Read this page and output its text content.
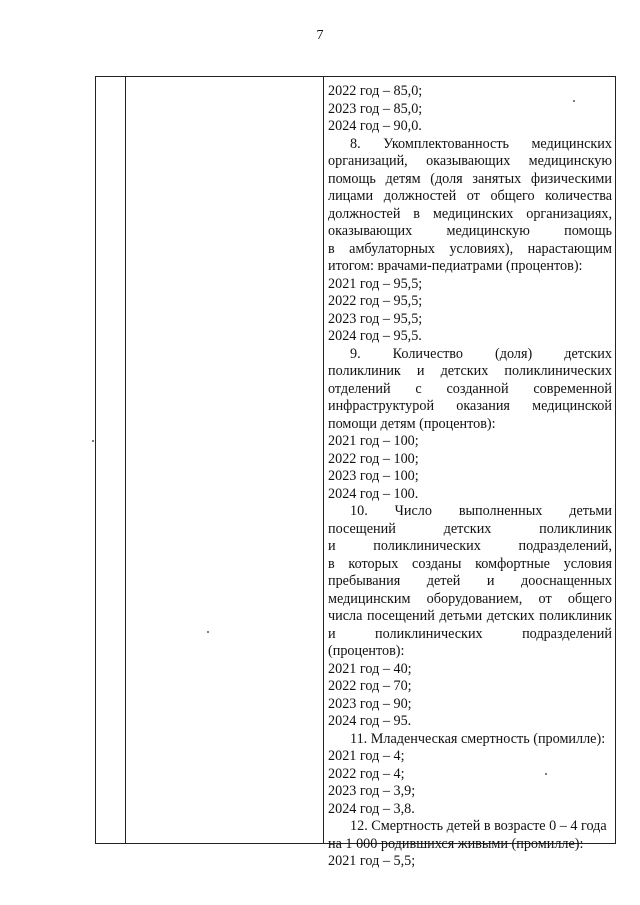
7
2022 год – 85,0;
2023 год – 85,0;
2024 год – 90,0.
8. Укомплектованность медицинских
организаций, оказывающих медицинскую
помощь детям (доля занятых физическими
лицами должностей от общего количества
должностей в медицинских организациях,
оказывающих медицинскую помощь
в амбулаторных условиях), нарастающим
итогом: врачами-педиатрами (процентов):
2021 год – 95,5;
2022 год – 95,5;
2023 год – 95,5;
2024 год – 95,5.
9. Количество (доля) детских
поликлиник и детских поликлинических
отделений с созданной современной
инфраструктурой оказания медицинской
помощи детям (процентов):
2021 год – 100;
2022 год – 100;
2023 год – 100;
2024 год – 100.
10. Число выполненных детьми
посещений детских поликлиник
и поликлинических подразделений,
в которых созданы комфортные условия
пребывания детей и дооснащенных
медицинским оборудованием, от общего
числа посещений детьми детских поликлиник
и поликлинических подразделений
(процентов):
2021 год – 40;
2022 год – 70;
2023 год – 90;
2024 год – 95.
11. Младенческая смертность (промилле):
2021 год – 4;
2022 год – 4;
2023 год – 3,9;
2024 год – 3,8.
12. Смертность детей в возрасте 0 – 4 года
на 1 000 родившихся живыми (промилле):
2021 год – 5,5;
